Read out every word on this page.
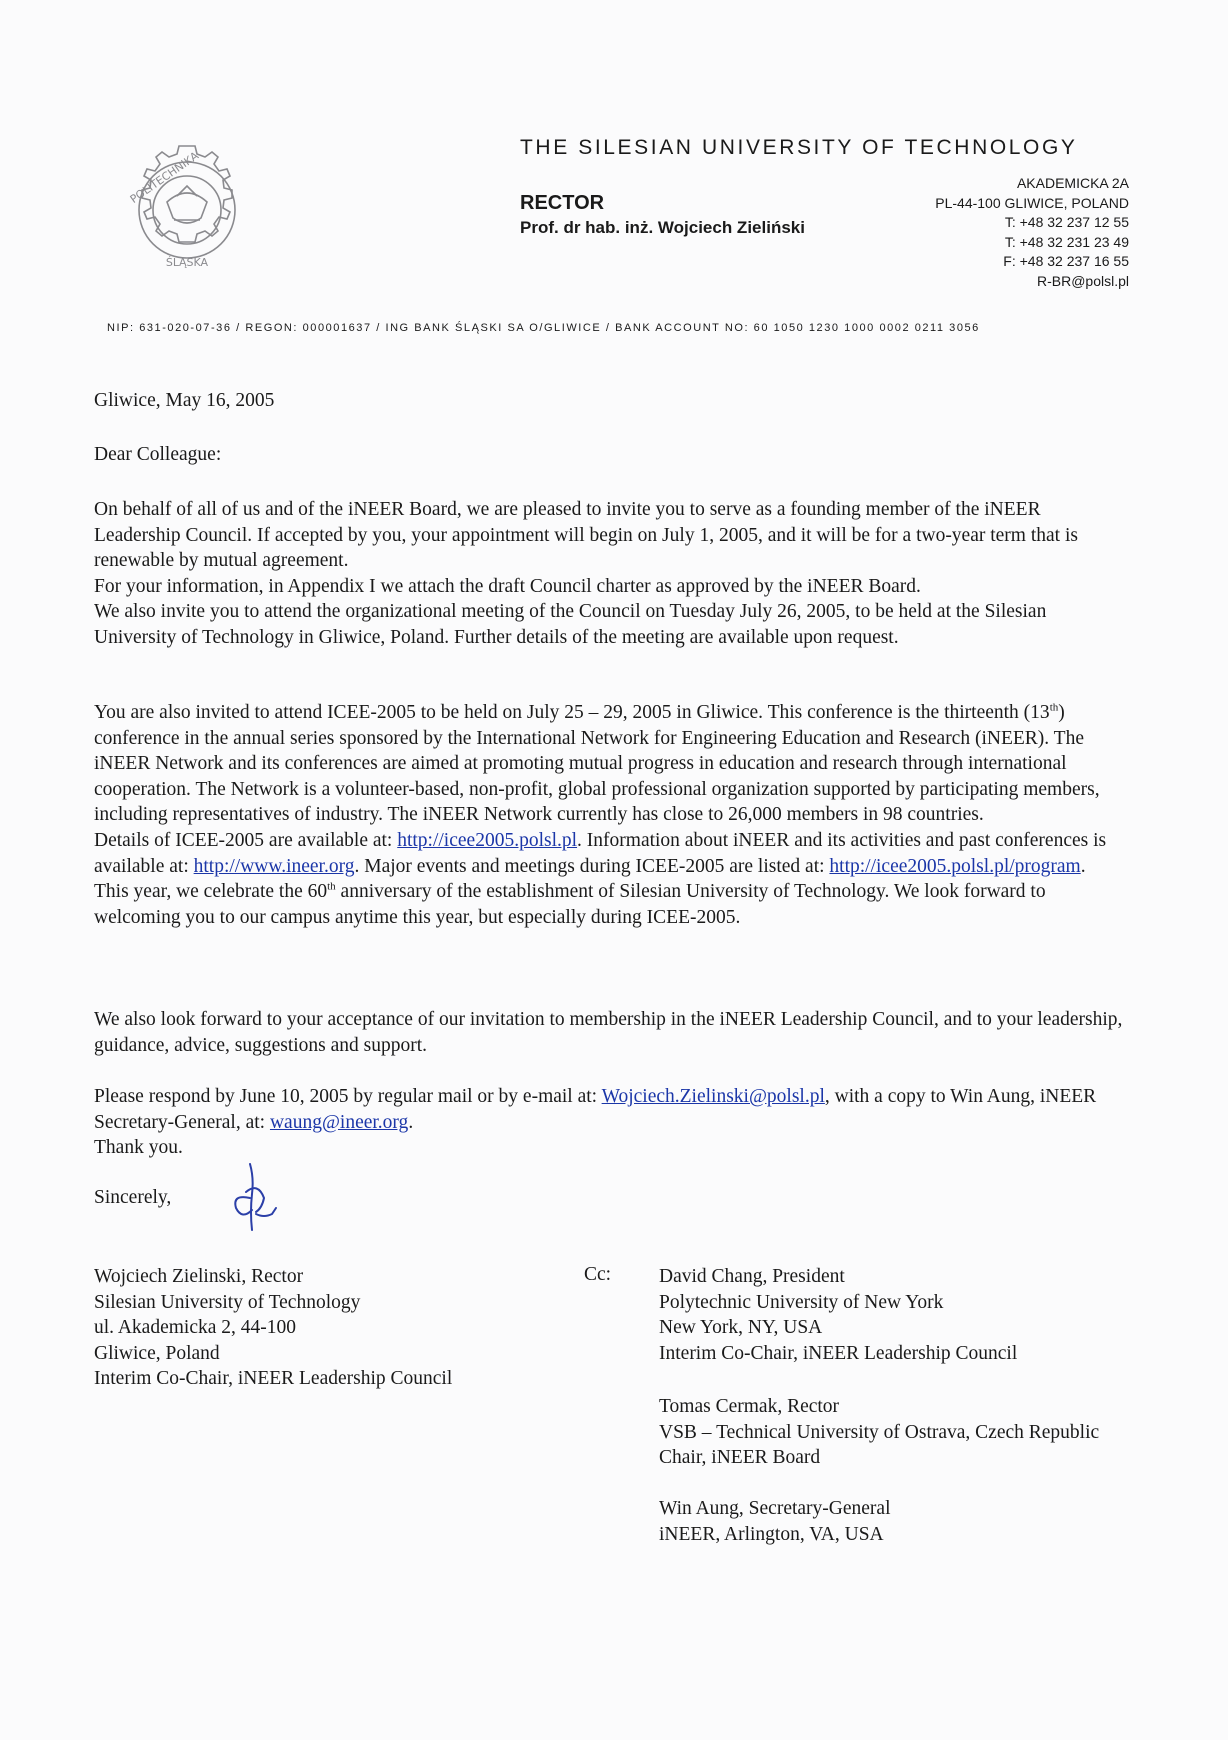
POLITECHNIKA
ŚLĄSKA
THE SILESIAN UNIVERSITY OF TECHNOLOGY
RECTOR
Prof. dr hab. inż. Wojciech Zieliński
AKADEMICKA 2A
PL-44-100 GLIWICE, POLAND
T: +48 32 237 12 55
T: +48 32 231 23 49
F: +48 32 237 16 55
R-BR@polsl.pl
NIP: 631-020-07-36 / REGON: 000001637 / ING BANK ŚLĄSKI SA O/GLIWICE / BANK ACCOUNT NO: 60 1050 1230 1000 0002 0211 3056
Gliwice, May 16, 2005
Dear Colleague:

On behalf of all of us and of the iNEER Board, we are pleased to invite you to serve as a founding member of the iNEER Leadership Council. If accepted by you, your appointment will begin on July 1, 2005, and it will be for a two-year term that is renewable by mutual agreement.

For your information, in Appendix I we attach the draft Council charter as approved by the iNEER Board.

We also invite you to attend the organizational meeting of the Council on Tuesday July 26, 2005, to be held at the Silesian University of Technology in Gliwice, Poland. Further details of the meeting are available upon request.

You are also invited to attend ICEE-2005 to be held on July 25 – 29, 2005 in Gliwice. This conference is the thirteenth (13th) conference in the annual series sponsored by the International Network for Engineering Education and Research (iNEER). The iNEER Network and its conferences are aimed at promoting mutual progress in education and research through international cooperation. The Network is a volunteer-based, non-profit, global professional organization supported by participating members, including representatives of industry. The iNEER Network currently has close to 26,000 members in 98 countries.

Details of ICEE-2005 are available at: http://icee2005.polsl.pl. Information about iNEER and its activities and past conferences is available at: http://www.ineer.org. Major events and meetings during ICEE-2005 are listed at: http://icee2005.polsl.pl/program. This year, we celebrate the 60th anniversary of the establishment of Silesian University of Technology. We look forward to welcoming you to our campus anytime this year, but especially during ICEE-2005.

We also look forward to your acceptance of our invitation to membership in the iNEER Leadership Council, and to your leadership, guidance, advice, suggestions and support.

Please respond by June 10, 2005 by regular mail or by e-mail at: Wojciech.Zielinski@polsl.pl, with a copy to Win Aung, iNEER Secretary-General, at: waung@ineer.org.

Thank you.

Sincerely,
Wojciech Zielinski, Rector
Silesian University of Technology
ul. Akademicka 2, 44-100
Gliwice, Poland
Interim Co-Chair, iNEER Leadership Council
Cc: David Chang, President
Polytechnic University of New York
New York, NY, USA
Interim Co-Chair, iNEER Leadership Council
Tomas Cermak, Rector
VSB – Technical University of Ostrava, Czech Republic
Chair, iNEER Board
Win Aung, Secretary-General
iNEER, Arlington, VA, USA
